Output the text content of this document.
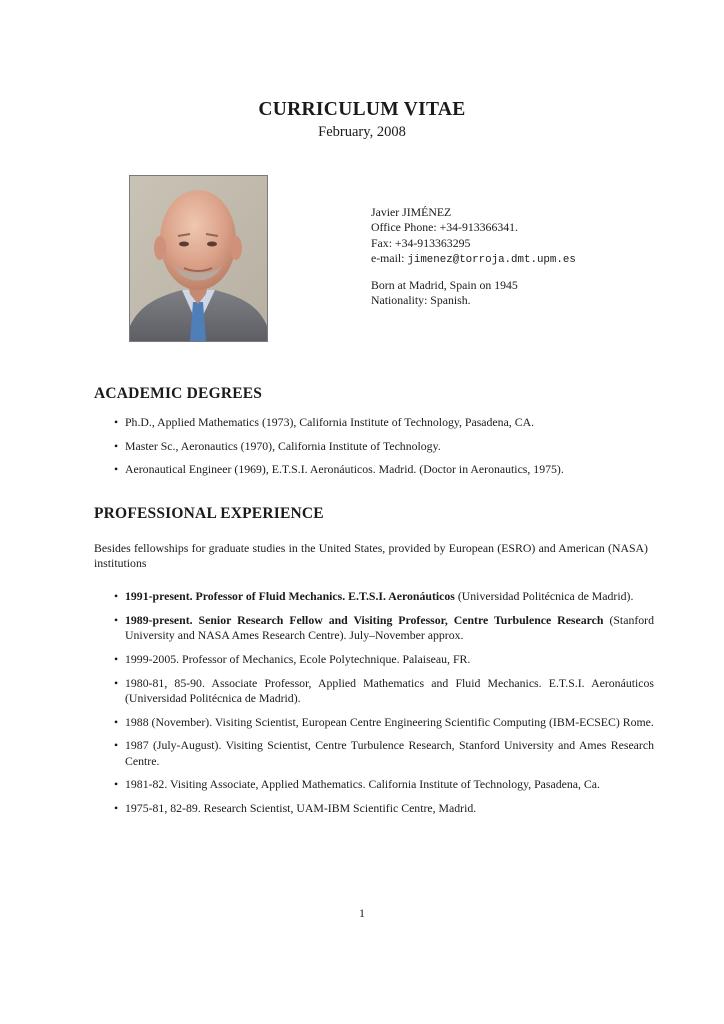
CURRICULUM VITAE
February, 2008
Javier JIMÉNEZ
Office Phone: +34-913366341.
Fax: +34-913363295
e-mail: jimenez@torroja.dmt.upm.es
Born at Madrid, Spain on 1945
Nationality: Spanish.
ACADEMIC DEGREES
• Ph.D., Applied Mathematics (1973), California Institute of Technology, Pasadena, CA.
• Master Sc., Aeronautics (1970), California Institute of Technology.
• Aeronautical Engineer (1969), E.T.S.I. Aeronáuticos. Madrid. (Doctor in Aeronautics, 1975).
PROFESSIONAL EXPERIENCE
Besides fellowships for graduate studies in the United States, provided by European (ESRO) and American (NASA) institutions
• 1991-present. Professor of Fluid Mechanics. E.T.S.I. Aeronáuticos (Universidad Politécnica de Madrid).
• 1989-present. Senior Research Fellow and Visiting Professor, Centre Turbulence Research (Stanford University and NASA Ames Research Centre). July–November approx.
• 1999-2005. Professor of Mechanics, Ecole Polytechnique. Palaiseau, FR.
• 1980-81, 85-90. Associate Professor, Applied Mathematics and Fluid Mechanics. E.T.S.I. Aeronáuticos (Universidad Politécnica de Madrid).
• 1988 (November). Visiting Scientist, European Centre Engineering Scientific Computing (IBM-ECSEC) Rome.
• 1987 (July-August). Visiting Scientist, Centre Turbulence Research, Stanford University and Ames Research Centre.
• 1981-82. Visiting Associate, Applied Mathematics. California Institute of Technology, Pasadena, Ca.
• 1975-81, 82-89. Research Scientist, UAM-IBM Scientific Centre, Madrid.
1
